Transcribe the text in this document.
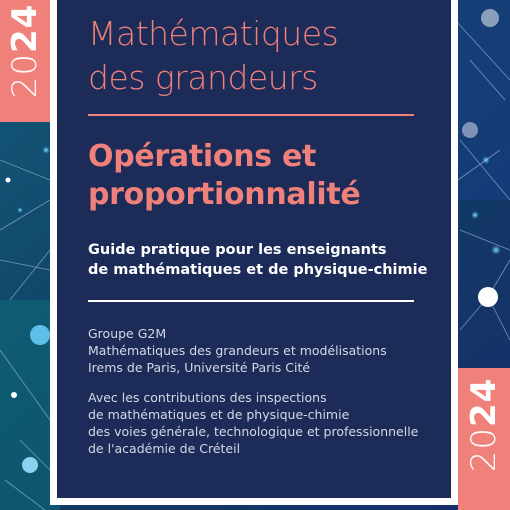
2024
2024
Mathématiques
des grandeurs
Opérations et
proportionnalité
Guide pratique pour les enseignants
de mathématiques et de physique-chimie
Groupe G2M
Mathématiques des grandeurs et modélisations
Irems de Paris, Université Paris Cité
Avec les contributions des inspections
de mathématiques et de physique-chimie
des voies générale, technologique et professionnelle
de l'académie de Créteil
